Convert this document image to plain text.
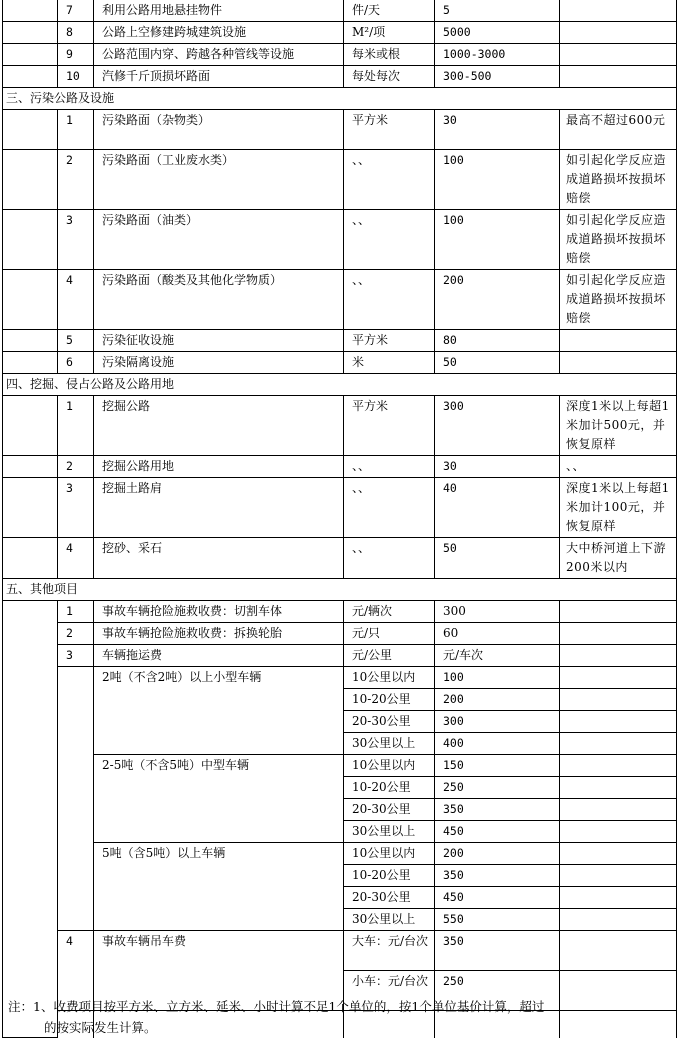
	7	利用公路用地悬挂物件	件/天	5		
	8	公路上空修建跨城建筑设施	M²/项	5000		
	9	公路范围内穿、跨越各种管线等设施	每米或根	1000-3000		
	10	汽修千斤顶损坏路面	每处每次	300-500		
三、污染公路及设施						
	1	污染路面（杂物类）	平方米	30	最高不超过600元	
	2	污染路面（工业废水类）	、、	100	如引起化学反应造成道路损坏按损坏赔偿	
	3	污染路面（油类）	、、	100	如引起化学反应造成道路损坏按损坏赔偿	
	4	污染路面（酸类及其他化学物质）	、、	200	如引起化学反应造成道路损坏按损坏赔偿	
	5	污染征收设施	平方米	80		
	6	污染隔离设施	米	50		
四、挖掘、侵占公路及公路用地						
	1	挖掘公路	平方米	300	深度1米以上每超1米加计500元，并恢复原样	
	2	挖掘公路用地	、、	30	、、	
	3	挖掘土路肩	、、	40	深度1米以上每超1米加计100元，并恢复原样	
	4	挖砂、采石	、、	50	大中桥河道上下游200米以内	
五、其他项目						
	1	事故车辆抢险施救收费：切割车体	元/辆次	300		
	2	事故车辆抢险施救收费：拆换轮胎	元/只	60		
	3	车辆拖运费	元/公里	元/车次		
		2吨（不含2吨）以上小型车辆	10公里以内	100		
			10-20公里	200		
			20-30公里	300		
			30公里以上	400		
		2-5吨（不含5吨）中型车辆	10公里以内	150		
			10-20公里	250		
			20-30公里	350		
			30公里以上	450		
		5吨（含5吨）以上车辆	10公里以内	200		
			10-20公里	350		
			20-30公里	450		
			30公里以上	550		
	4	事故车辆吊车费	大车：元/台次	350		
			小车：元/台次	250		

注：1、收费项目按平方米、立方米、延米、小时计算不足1个单位的，按1个单位基价计算，超过
的按实际发生计算。
